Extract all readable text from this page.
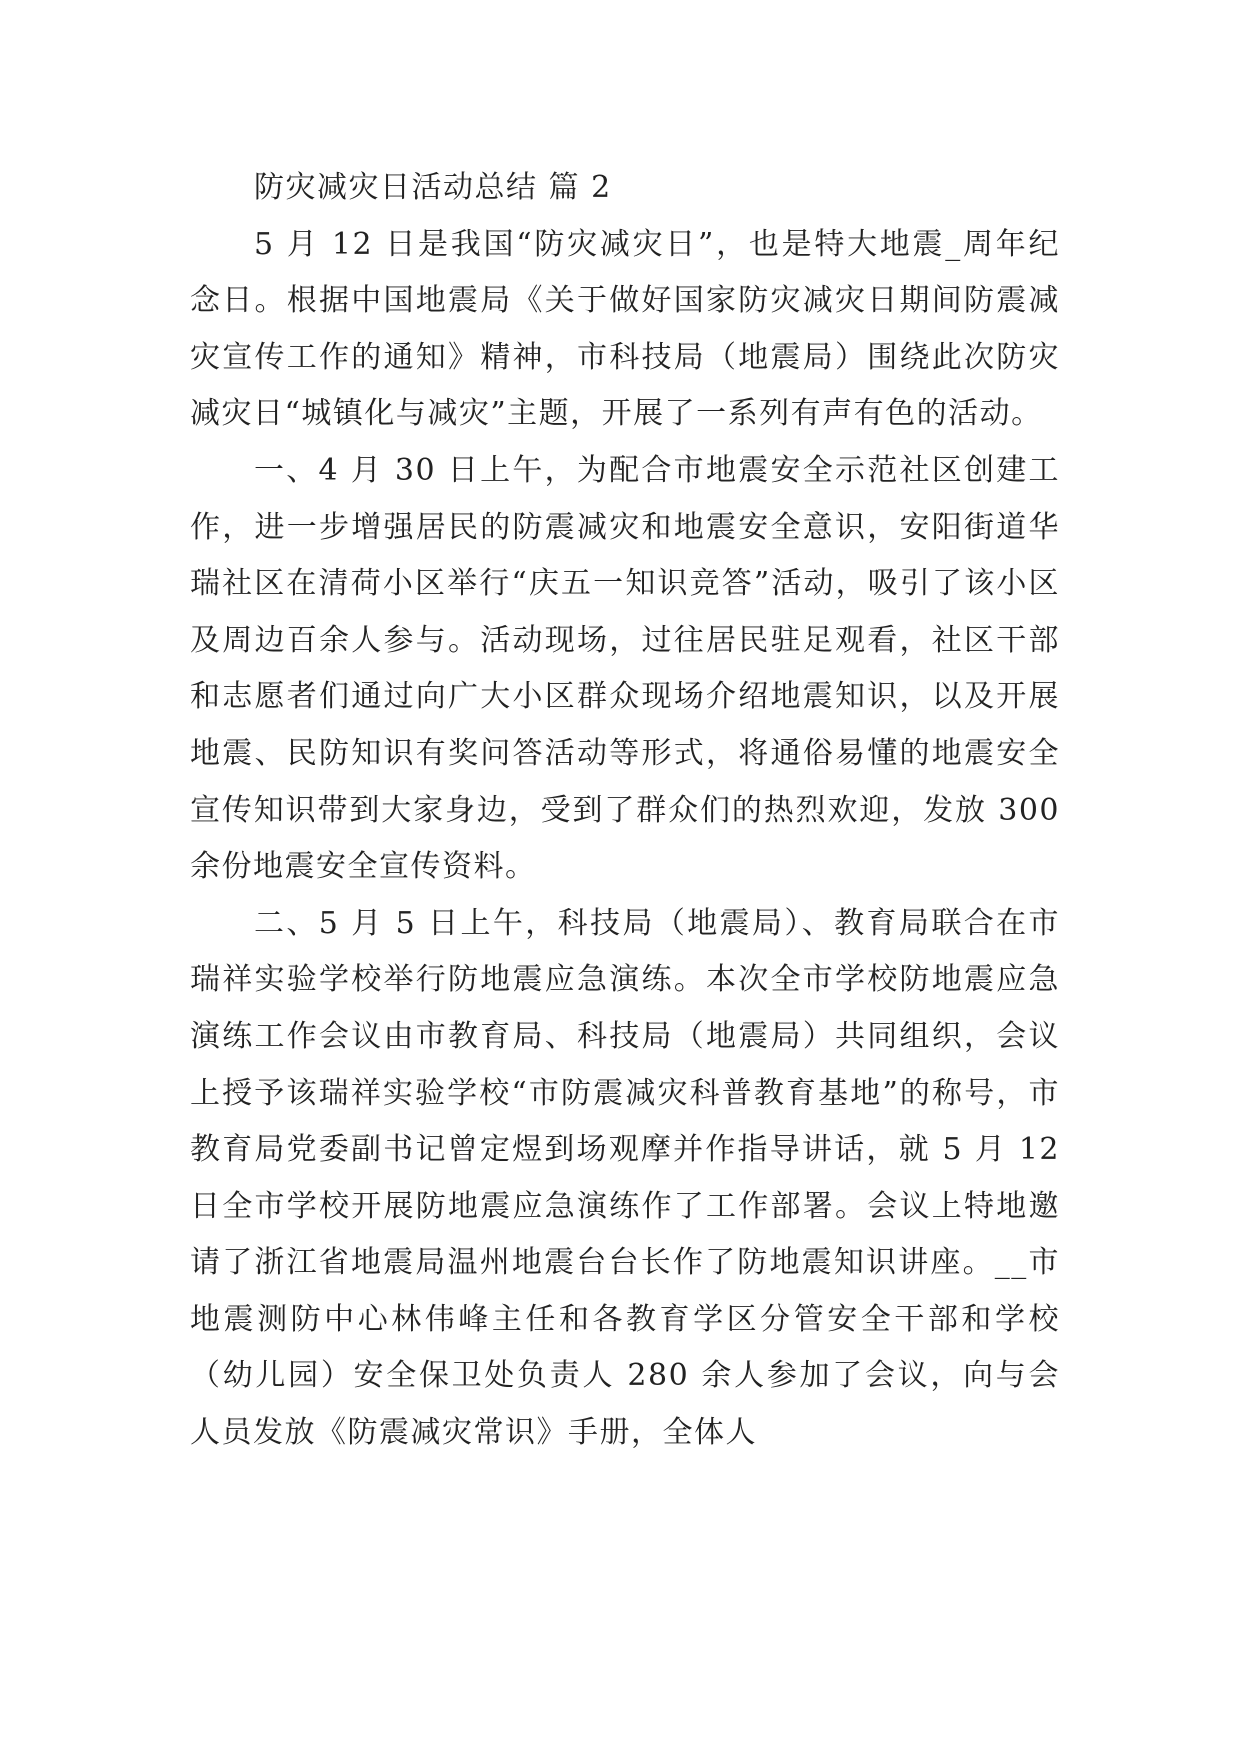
防灾减灾日活动总结 篇 2

5 月 12 日是我国“防灾减灾日”，也是特大地震_周年纪念日。根据中国地震局《关于做好国家防灾减灾日期间防震减灾宣传工作的通知》精神，市科技局（地震局）围绕此次防灾减灾日“城镇化与减灾”主题，开展了一系列有声有色的活动。

一、4 月 30 日上午，为配合市地震安全示范社区创建工作，进一步增强居民的防震减灾和地震安全意识，安阳街道华瑞社区在清荷小区举行“庆五一知识竞答”活动，吸引了该小区及周边百余人参与。活动现场，过往居民驻足观看，社区干部和志愿者们通过向广大小区群众现场介绍地震知识，以及开展地震、民防知识有奖问答活动等形式，将通俗易懂的地震安全宣传知识带到大家身边，受到了群众们的热烈欢迎，发放 300 余份地震安全宣传资料。

二、5 月 5 日上午，科技局（地震局）、教育局联合在市瑞祥实验学校举行防地震应急演练。本次全市学校防地震应急演练工作会议由市教育局、科技局（地震局）共同组织，会议上授予该瑞祥实验学校“市防震减灾科普教育基地”的称号，市教育局党委副书记曾定煜到场观摩并作指导讲话，就 5 月 12 日全市学校开展防地震应急演练作了工作部署。会议上特地邀请了浙江省地震局温州地震台台长作了防地震知识讲座。__市地震测防中心林伟峰主任和各教育学区分管安全干部和学校（幼儿园）安全保卫处负责人 280 余人参加了会议，向与会人员发放《防震减灾常识》手册，全体人
